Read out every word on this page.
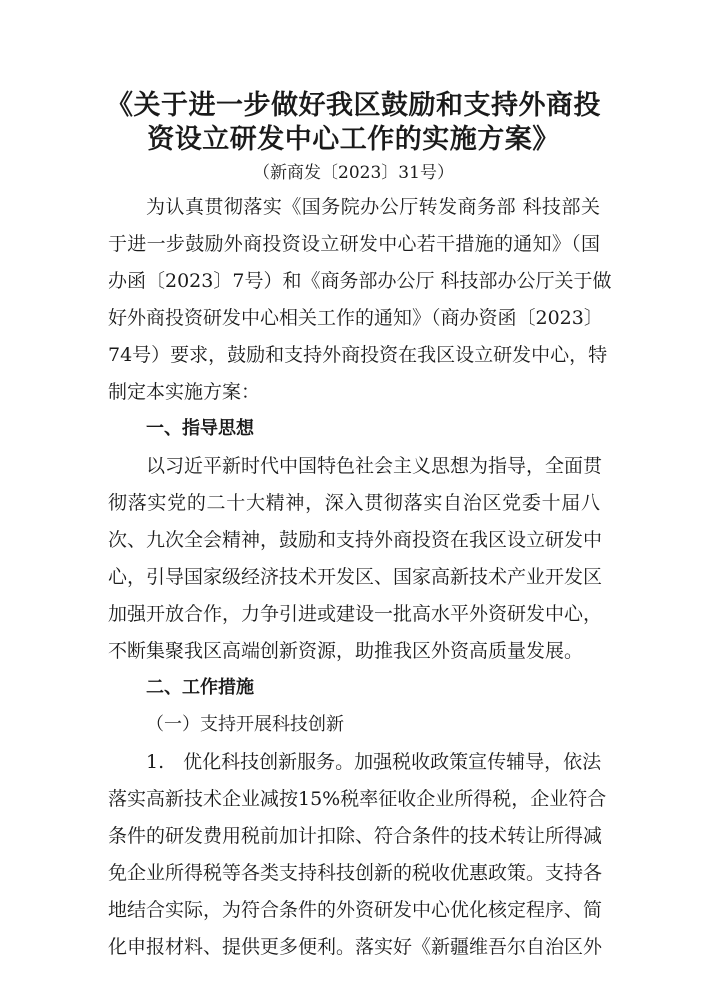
《关于进一步做好我区鼓励和支持外商投
资设立研发中心工作的实施方案》
（新商发〔2023〕31号）
为认真贯彻落实《国务院办公厅转发商务部 科技部关
于进一步鼓励外商投资设立研发中心若干措施的通知》（国
办函〔2023〕7号）和《商务部办公厅 科技部办公厅关于做
好外商投资研发中心相关工作的通知》（商办资函〔2023〕
74号）要求，鼓励和支持外商投资在我区设立研发中心，特
制定本实施方案：
一、指导思想
以习近平新时代中国特色社会主义思想为指导，全面贯
彻落实党的二十大精神，深入贯彻落实自治区党委十届八
次、九次全会精神，鼓励和支持外商投资在我区设立研发中
心，引导国家级经济技术开发区、国家高新技术产业开发区
加强开放合作，力争引进或建设一批高水平外资研发中心，
不断集聚我区高端创新资源，助推我区外资高质量发展。
二、工作措施
（一）支持开展科技创新
1.　优化科技创新服务。加强税收政策宣传辅导，依法
落实高新技术企业减按15%税率征收企业所得税，企业符合
条件的研发费用税前加计扣除、符合条件的技术转让所得减
免企业所得税等各类支持科技创新的税收优惠政策。支持各
地结合实际，为符合条件的外资研发中心优化核定程序、简
化申报材料、提供更多便利。落实好《新疆维吾尔自治区外
